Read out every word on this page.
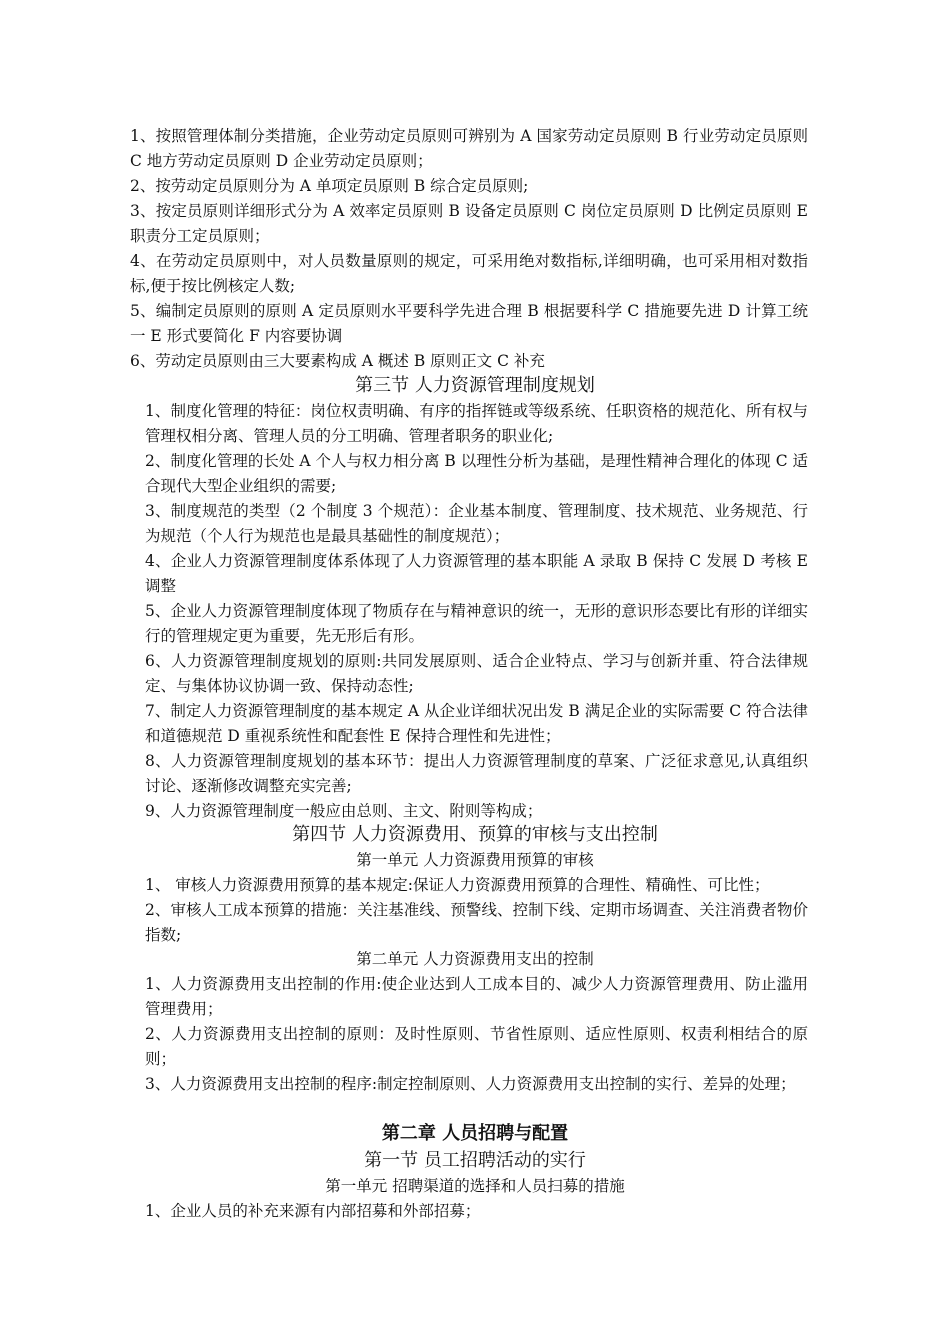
1、按照管理体制分类措施，企业劳动定员原则可辨别为 A 国家劳动定员原则 B 行业劳动定员原则 C 地方劳动定员原则 D 企业劳动定员原则；

2、按劳动定员原则分为 A 单项定员原则 B 综合定员原则;

3、按定员原则详细形式分为 A 效率定员原则 B 设备定员原则 C 岗位定员原则 D 比例定员原则 E 职责分工定员原则；

4、在劳动定员原则中，对人员数量原则的规定，可采用绝对数指标,详细明确，也可采用相对数指标,便于按比例核定人数;

5、编制定员原则的原则 A 定员原则水平要科学先进合理 B 根据要科学 C 措施要先进 D 计算工统一 E 形式要简化 F 内容要协调

6、劳动定员原则由三大要素构成 A 概述 B 原则正文 C 补充

第三节 人力资源管理制度规划

1、制度化管理的特征：岗位权责明确、有序的指挥链或等级系统、任职资格的规范化、所有权与管理权相分离、管理人员的分工明确、管理者职务的职业化;

2、制度化管理的长处 A 个人与权力相分离 B 以理性分析为基础，是理性精神合理化的体现 C 适合现代大型企业组织的需要;

3、制度规范的类型（2 个制度 3 个规范）：企业基本制度、管理制度、技术规范、业务规范、行为规范（个人行为规范也是最具基础性的制度规范）；

4、企业人力资源管理制度体系体现了人力资源管理的基本职能 A 录取 B 保持 C 发展 D 考核 E 调整

5、企业人力资源管理制度体现了物质存在与精神意识的统一，无形的意识形态要比有形的详细实行的管理规定更为重要，先无形后有形。

6、人力资源管理制度规划的原则:共同发展原则、适合企业特点、学习与创新并重、符合法律规定、与集体协议协调一致、保持动态性;

7、制定人力资源管理制度的基本规定 A 从企业详细状况出发 B 满足企业的实际需要 C 符合法律和道德规范 D 重视系统性和配套性 E 保持合理性和先进性；

8、人力资源管理制度规划的基本环节：提出人力资源管理制度的草案、广泛征求意见,认真组织讨论、逐渐修改调整充实完善;

9、人力资源管理制度一般应由总则、主文、附则等构成；

第四节 人力资源费用、预算的审核与支出控制

第一单元 人力资源费用预算的审核

1、 审核人力资源费用预算的基本规定:保证人力资源费用预算的合理性、精确性、可比性；

2、审核人工成本预算的措施：关注基准线、预警线、控制下线、定期市场调查、关注消费者物价指数;

第二单元 人力资源费用支出的控制

1、人力资源费用支出控制的作用:使企业达到人工成本目的、减少人力资源管理费用、防止滥用管理费用；

2、人力资源费用支出控制的原则：及时性原则、节省性原则、适应性原则、权责利相结合的原则；

3、人力资源费用支出控制的程序:制定控制原则、人力资源费用支出控制的实行、差异的处理；

第二章 人员招聘与配置

第一节 员工招聘活动的实行

第一单元 招聘渠道的选择和人员扫募的措施

1、企业人员的补充来源有内部招募和外部招募；
